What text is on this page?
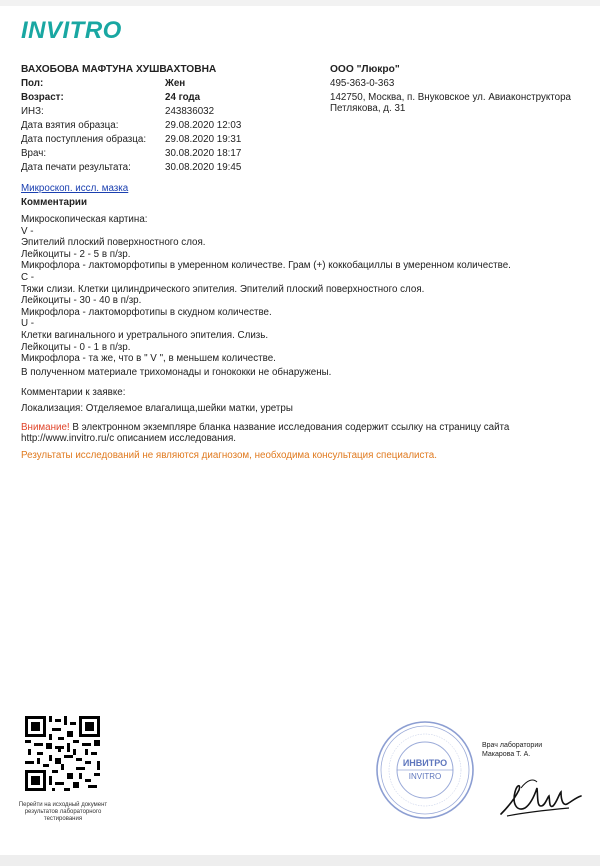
INVITRO
ВАХОБОВА МАФТУНА ХУШВАХТОВНА
Пол:	Жен
Возраст:	24 года
ИНЗ:	243836032
Дата взятия образца:	29.08.2020 12:03
Дата поступления образца: 29.08.2020 19:31
Врач:	30.08.2020 18:17
Дата печати результата:	30.08.2020 19:45
ООО "Люкро"
495-363-0-363
142750, Москва, п. Внуковское ул. Авиаконструктора
Петлякова, д. 31
Микроскоп. иссл. мазка
Комментарии
Микроскопическая картина:
V -
Эпителий плоский поверхностного слоя.
Лейкоциты - 2 - 5 в п/зр.
Микрофлора - лактоморфотипы в умеренном количестве. Грам (+) коккобациллы в умеренном количестве.
C -
Тяжи слизи. Клетки цилиндрического эпителия. Эпителий плоский поверхностного слоя.
Лейкоциты - 30 - 40 в п/зр.
Микрофлора - лактоморфотипы в скудном количестве.
U -
Клетки вагинального и уретрального эпителия. Слизь.
Лейкоциты - 0 - 1 в п/зр.
Микрофлора - та же, что в " V ", в меньшем количестве.
В полученном материале трихомонады и гонококки не обнаружены.
Комментарии к заявке:
Локализация: Отделяемое влагалища,шейки матки, уретры
Внимание! В электронном экземпляре бланка название исследования содержит ссылку на страницу сайта
http://www.invitro.ru/с описанием исследования.
Результаты исследований не являются диагнозом, необходима консультация специалиста.
Перейти на исходный документ результатов лабораторного тестирования
ИНВИТРО
INVITRO
Врач лаборатории
Макарова Т. А.
